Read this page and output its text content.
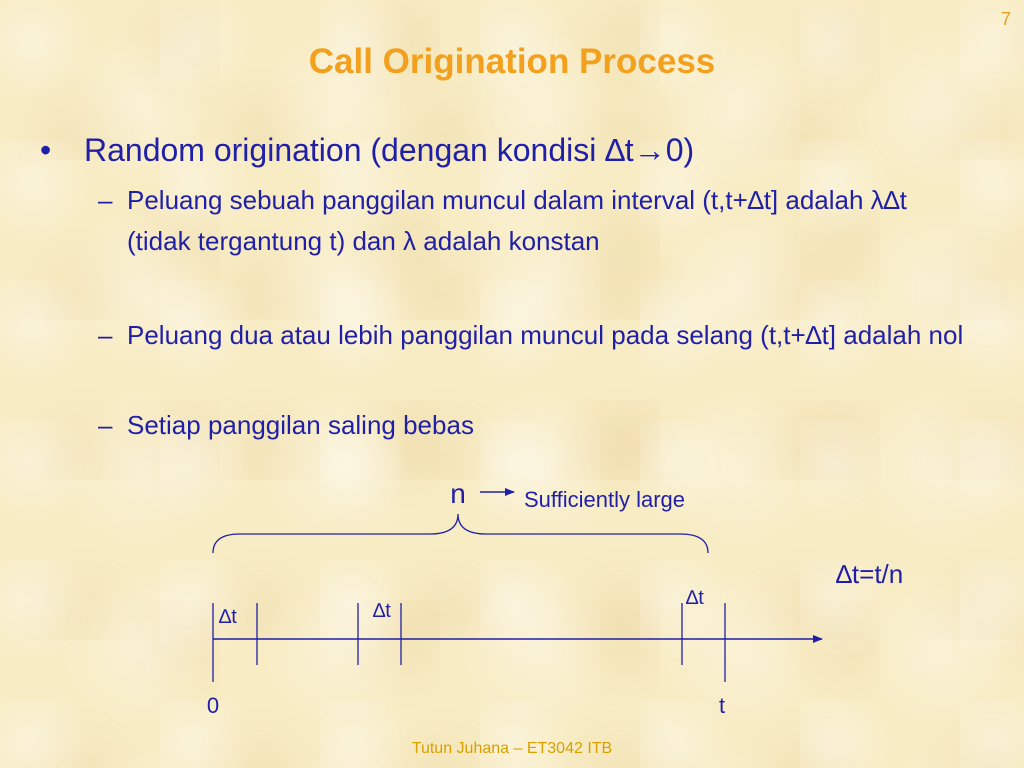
7
Call Origination Process
• Random origination (dengan kondisi ∆t→0)
– Peluang sebuah panggilan muncul dalam interval (t,t+∆t] adalah λ∆t (tidak tergantung t) dan λ adalah konstan
– Peluang dua atau lebih panggilan muncul pada selang (t,t+∆t] adalah nol
– Setiap panggilan saling bebas
n	Sufficiently large
∆t=t/n
∆t	∆t
∆t
0	t
Tutun Juhana – ET3042 ITB
